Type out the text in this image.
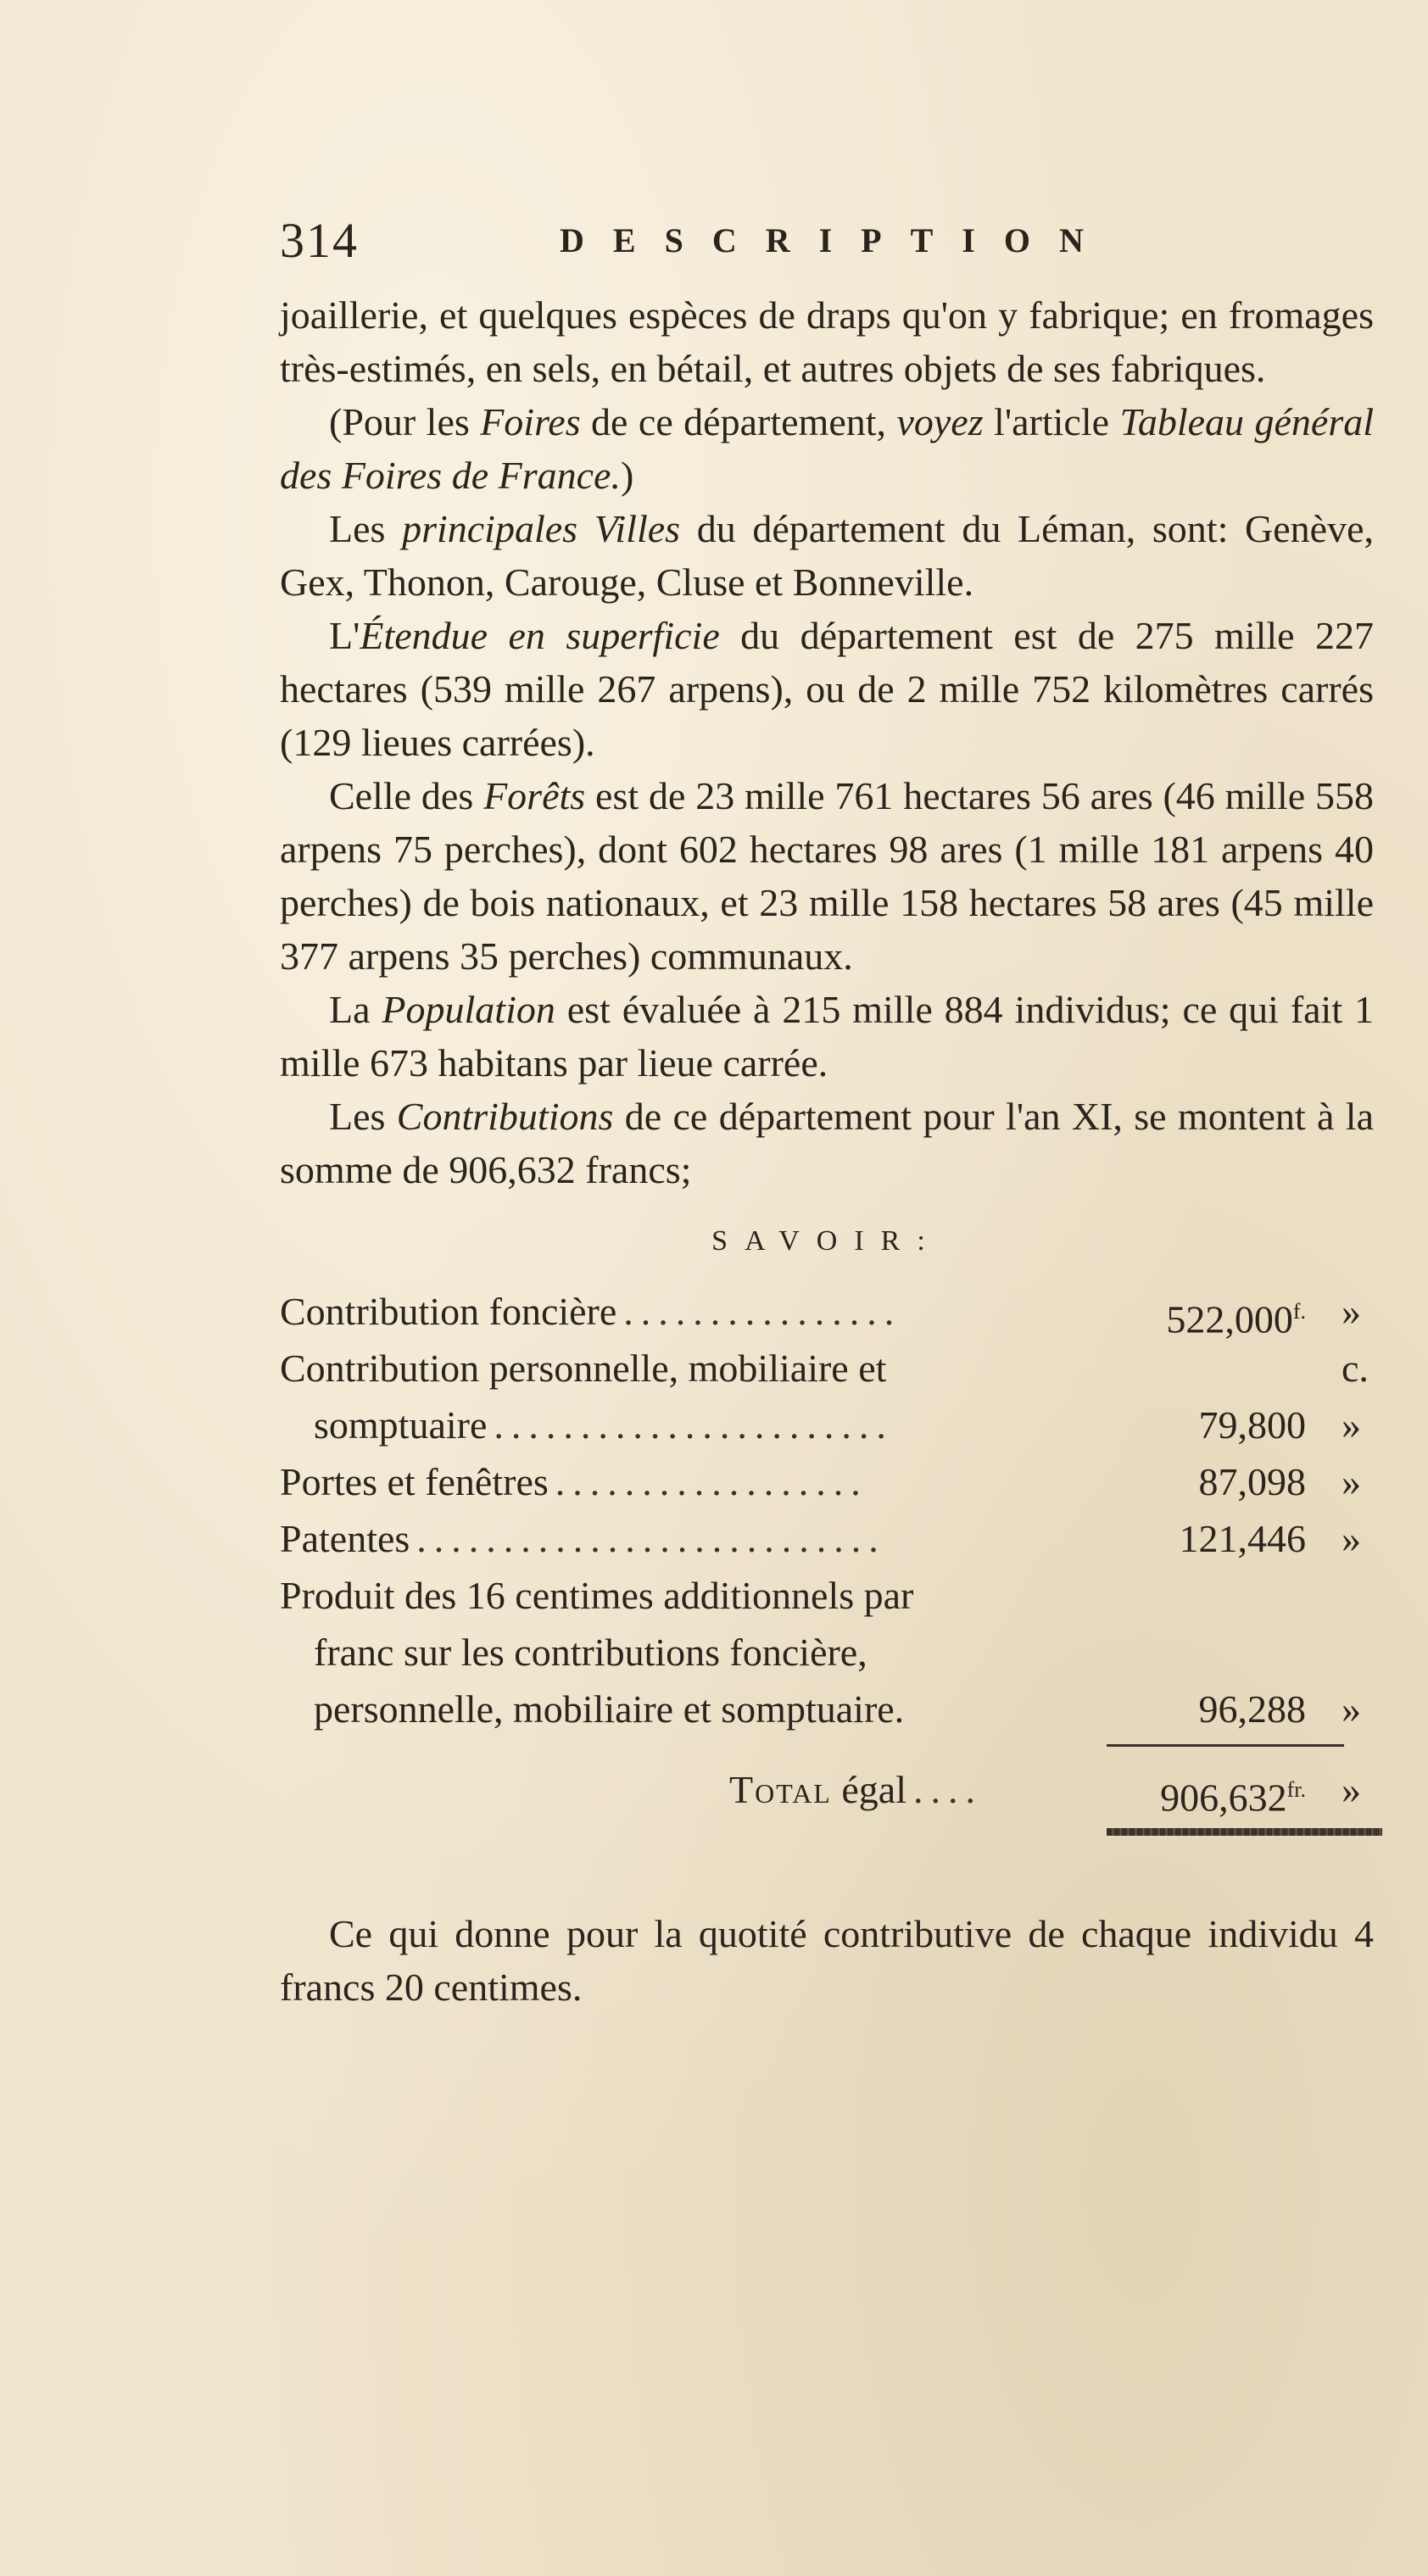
314	DESCRIPTION

joaillerie, et quelques espèces de draps qu'on y fabrique; en fromages très-estimés, en sels, en bétail, et autres objets de ses fabriques.

(Pour les Foires de ce département, voyez l'article Tableau général des Foires de France.)

Les principales Villes du département du Léman, sont: Genève, Gex, Thonon, Carouge, Cluse et Bonneville.

L'Étendue en superficie du département est de 275 mille 227 hectares (539 mille 267 arpens), ou de 2 mille 752 kilomètres carrés (129 lieues carrées).

Celle des Forêts est de 23 mille 761 hectares 56 ares (46 mille 558 arpens 75 perches), dont 602 hectares 98 ares (1 mille 181 arpens 40 perches) de bois nationaux, et 23 mille 158 hectares 58 ares (45 mille 377 arpens 35 perches) communaux.

La Population est évaluée à 215 mille 884 individus; ce qui fait 1 mille 673 habitans par lieue carrée.

Les Contributions de ce département pour l'an XI, se montent à la somme de 906,632 francs;

SAVOIR:
Contribution foncière ................	$522,000^{f.}$ » c.
Contribution personnelle, mobiliaire et
somptuaire .......................	79,800 »
Portes et fenêtres ..................	87,098 »
Patentes ...........................	121,446 »
Produit des 16 centimes additionnels par
franc sur les contributions foncière,
personnelle, mobiliaire et somptuaire.	96,288 »
Total égal ....	$906,632^{fr.}$ »

Ce qui donne pour la quotité contributive de chaque individu 4 francs 20 centimes.
